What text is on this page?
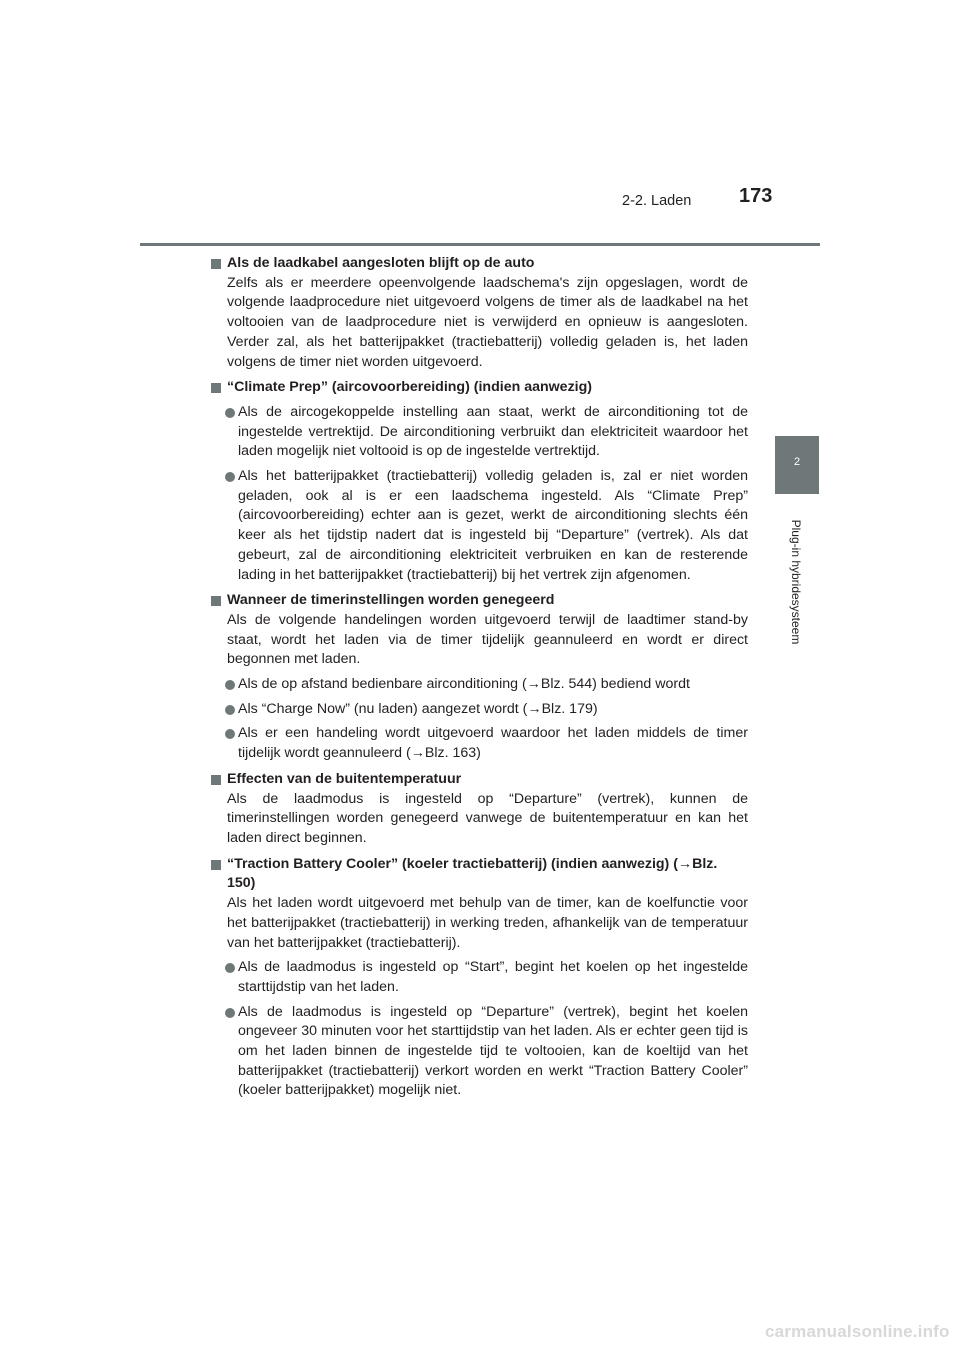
2-2. Laden 173
2
Plug-in hybridesysteem
Als de laadkabel aangesloten blijft op de auto
Zelfs als er meerdere opeenvolgende laadschema's zijn opgeslagen, wordt de volgende laadprocedure niet uitgevoerd volgens de timer als de laadkabel na het voltooien van de laadprocedure niet is verwijderd en opnieuw is aangesloten. Verder zal, als het batterijpakket (tractiebatterij) volledig geladen is, het laden volgens de timer niet worden uitgevoerd.
“Climate Prep” (aircovoorbereiding) (indien aanwezig)
Als de aircogekoppelde instelling aan staat, werkt de airconditioning tot de ingestelde vertrektijd. De airconditioning verbruikt dan elektriciteit waardoor het laden mogelijk niet voltooid is op de ingestelde vertrektijd.
Als het batterijpakket (tractiebatterij) volledig geladen is, zal er niet worden geladen, ook al is er een laadschema ingesteld. Als “Climate Prep” (aircovoorbereiding) echter aan is gezet, werkt de airconditioning slechts één keer als het tijdstip nadert dat is ingesteld bij “Departure” (vertrek). Als dat gebeurt, zal de airconditioning elektriciteit verbruiken en kan de resterende lading in het batterijpakket (tractiebatterij) bij het vertrek zijn afgenomen.
Wanneer de timerinstellingen worden genegeerd
Als de volgende handelingen worden uitgevoerd terwijl de laadtimer stand-by staat, wordt het laden via de timer tijdelijk geannuleerd en wordt er direct begonnen met laden.
Als de op afstand bedienbare airconditioning (→Blz. 544) bediend wordt
Als “Charge Now” (nu laden) aangezet wordt (→Blz. 179)
Als er een handeling wordt uitgevoerd waardoor het laden middels de timer tijdelijk wordt geannuleerd (→Blz. 163)
Effecten van de buitentemperatuur
Als de laadmodus is ingesteld op “Departure” (vertrek), kunnen de timerinstellingen worden genegeerd vanwege de buitentemperatuur en kan het laden direct beginnen.
“Traction Battery Cooler” (koeler tractiebatterij) (indien aanwezig) (→Blz. 150)
Als het laden wordt uitgevoerd met behulp van de timer, kan de koelfunctie voor het batterijpakket (tractiebatterij) in werking treden, afhankelijk van de temperatuur van het batterijpakket (tractiebatterij).
Als de laadmodus is ingesteld op “Start”, begint het koelen op het ingestelde starttijdstip van het laden.
Als de laadmodus is ingesteld op “Departure” (vertrek), begint het koelen ongeveer 30 minuten voor het starttijdstip van het laden. Als er echter geen tijd is om het laden binnen de ingestelde tijd te voltooien, kan de koeltijd van het batterijpakket (tractiebatterij) verkort worden en werkt “Traction Battery Cooler” (koeler batterijpakket) mogelijk niet.
carmanualsonline.info
